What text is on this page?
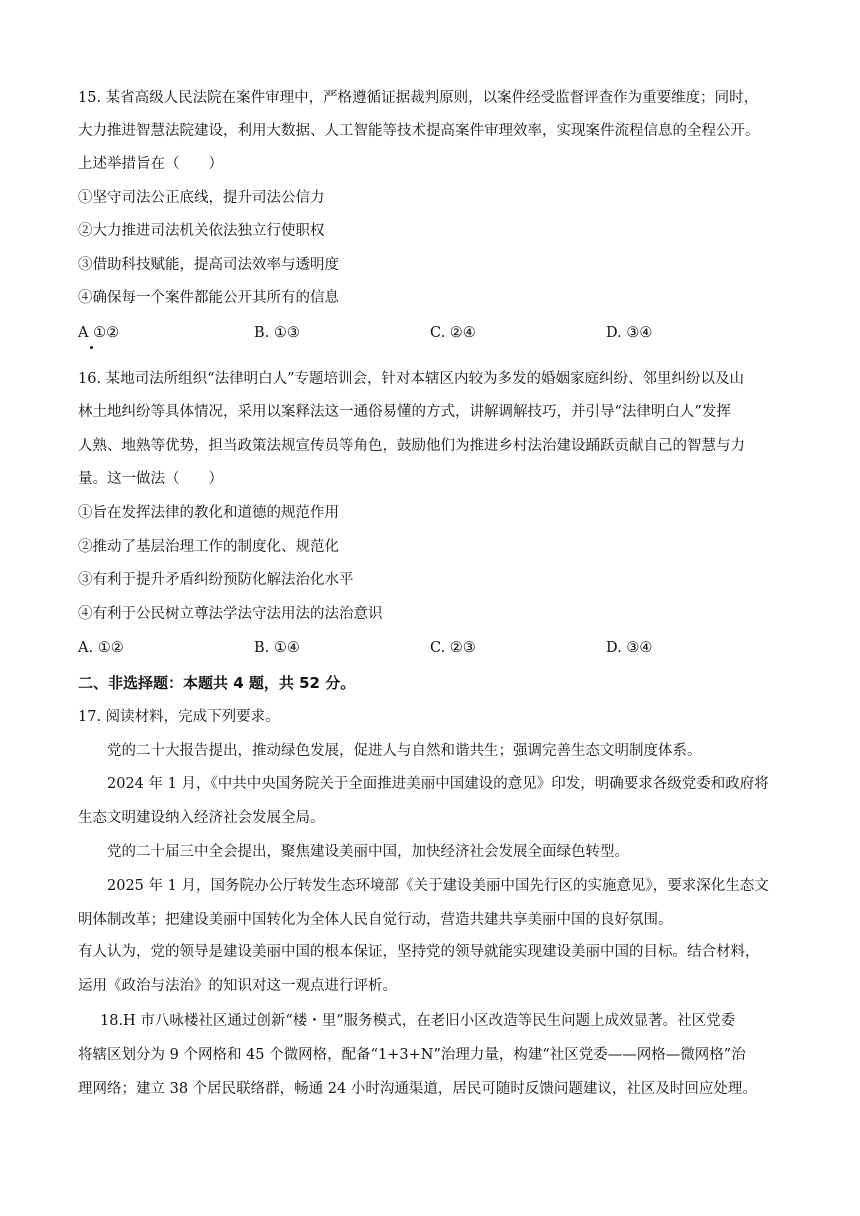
15. 某省高级人民法院在案件审理中，严格遵循证据裁判原则，以案件经受监督评查作为重要维度；同时，
大力推进智慧法院建设，利用大数据、人工智能等技术提高案件审理效率，实现案件流程信息的全程公开。
上述举措旨在（　　）
①坚守司法公正底线，提升司法公信力
②大力推进司法机关依法独立行使职权
③借助科技赋能，提高司法效率与透明度
④确保每一个案件都能公开其所有的信息
A ①②	B. ①③	C. ②④	D. ③④
16. 某地司法所组织“法律明白人”专题培训会，针对本辖区内较为多发的婚姻家庭纠纷、邻里纠纷以及山
林土地纠纷等具体情况，采用以案释法这一通俗易懂的方式，讲解调解技巧，并引导“法律明白人”发挥
人熟、地熟等优势，担当政策法规宣传员等角色，鼓励他们为推进乡村法治建设踊跃贡献自己的智慧与力
量。这一做法（　　）
①旨在发挥法律的教化和道德的规范作用
②推动了基层治理工作的制度化、规范化
③有利于提升矛盾纠纷预防化解法治化水平
④有利于公民树立尊法学法守法用法的法治意识
A. ①②	B. ①④	C. ②③	D. ③④
二、非选择题：本题共 4 题，共 52 分。
17. 阅读材料，完成下列要求。
党的二十大报告提出，推动绿色发展，促进人与自然和谐共生；强调完善生态文明制度体系。
2024 年 1 月，《中共中央国务院关于全面推进美丽中国建设的意见》印发，明确要求各级党委和政府将
生态文明建设纳入经济社会发展全局。
党的二十届三中全会提出，聚焦建设美丽中国，加快经济社会发展全面绿色转型。
2025 年 1 月，国务院办公厅转发生态环境部《关于建设美丽中国先行区的实施意见》，要求深化生态文
明体制改革；把建设美丽中国转化为全体人民自觉行动，营造共建共享美丽中国的良好氛围。
有人认为，党的领导是建设美丽中国的根本保证，坚持党的领导就能实现建设美丽中国的目标。结合材料，
运用《政治与法治》的知识对这一观点进行评析。
18.H 市八咏楼社区通过创新“楼・里”服务模式，在老旧小区改造等民生问题上成效显著。社区党委
将辖区划分为 9 个网格和 45 个微网格，配备“1+3+N”治理力量，构建“社区党委——网格—微网格”治
理网络；建立 38 个居民联络群，畅通 24 小时沟通渠道，居民可随时反馈问题建议，社区及时回应处理。
